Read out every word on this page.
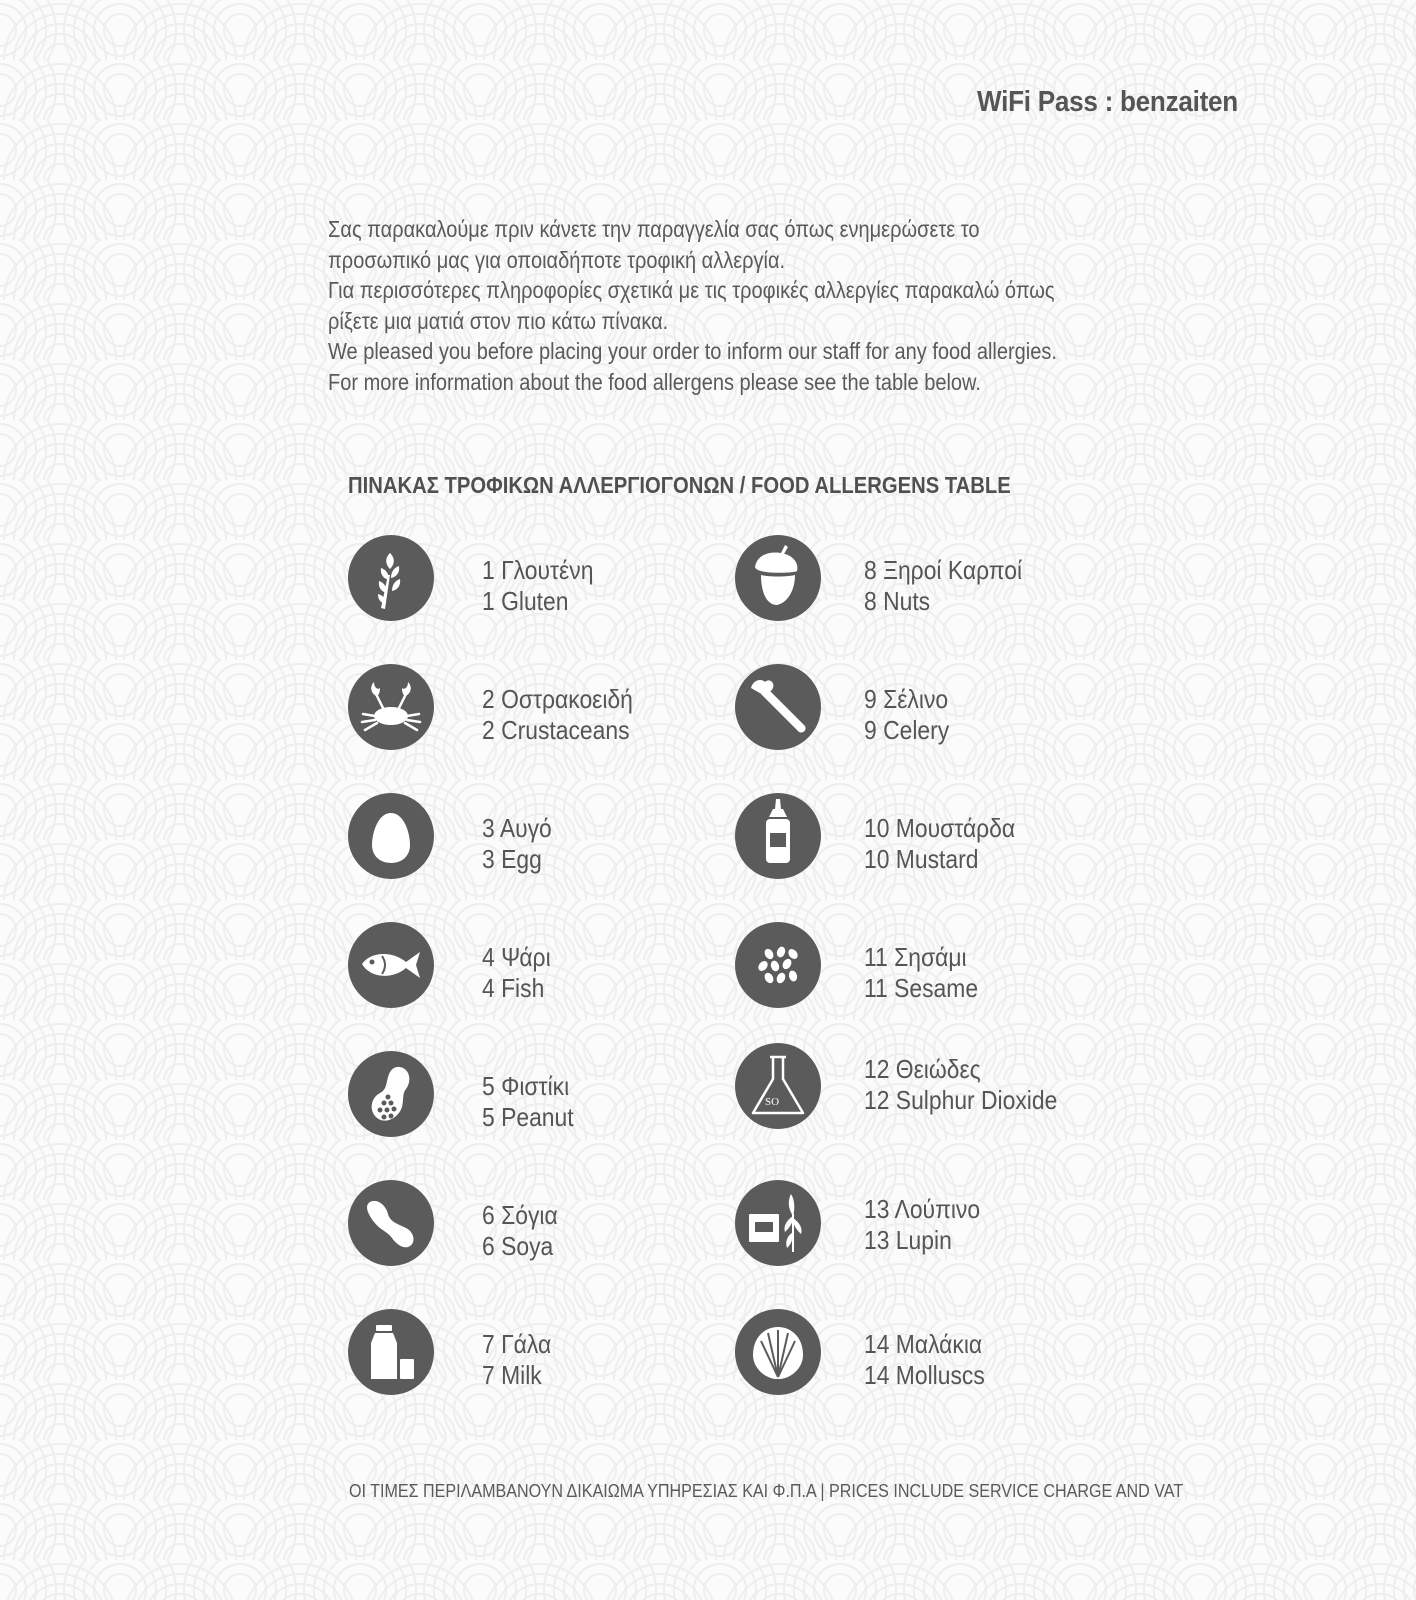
WiFi Pass : benzaiten

Σας παρακαλούμε πριν κάνετε την παραγγελία σας όπως ενημερώσετε το

προσωπικό μας για οποιαδήποτε τροφική αλλεργία.

Για περισσότερες πληροφορίες σχετικά με τις τροφικές αλλεργίες παρακαλώ όπως

ρίξετε μια ματιά στον πιο κάτω πίνακα.

We pleased you before placing your order to inform our staff for any food allergies.

For more information about the food allergens please see the table below.

ΠΙΝΑΚΑΣ ΤΡΟΦΙΚΩΝ ΑΛΛΕΡΓΙΟΓΟΝΩΝ / FOOD ALLERGENS TABLE
1 Γλουτένη
1 Gluten
2 Οστρακοειδή
2 Crustaceans
3 Αυγό
3 Egg
4 Ψάρι
4 Fish
5 Φιστίκι
5 Peanut
6 Σόγια
6 Soya
7 Γάλα
7 Milk
8 Ξηροί Καρποί
8 Nuts
9 Σέλινο
9 Celery
10 Μουστάρδα
10 Mustard
11 Σησάμι
11 Sesame
SO
12 Θειώδες
12 Sulphur Dioxide
13 Λούπινο
13 Lupin
14 Μαλάκια
14 Molluscs
ΟΙ ΤΙΜΕΣ ΠΕΡΙΛΑΜΒΑΝΟΥΝ ΔΙΚΑΙΩΜΑ ΥΠΗΡΕΣΙΑΣ ΚΑΙ Φ.Π.Α | PRICES INCLUDE SERVICE CHARGE AND VAT
